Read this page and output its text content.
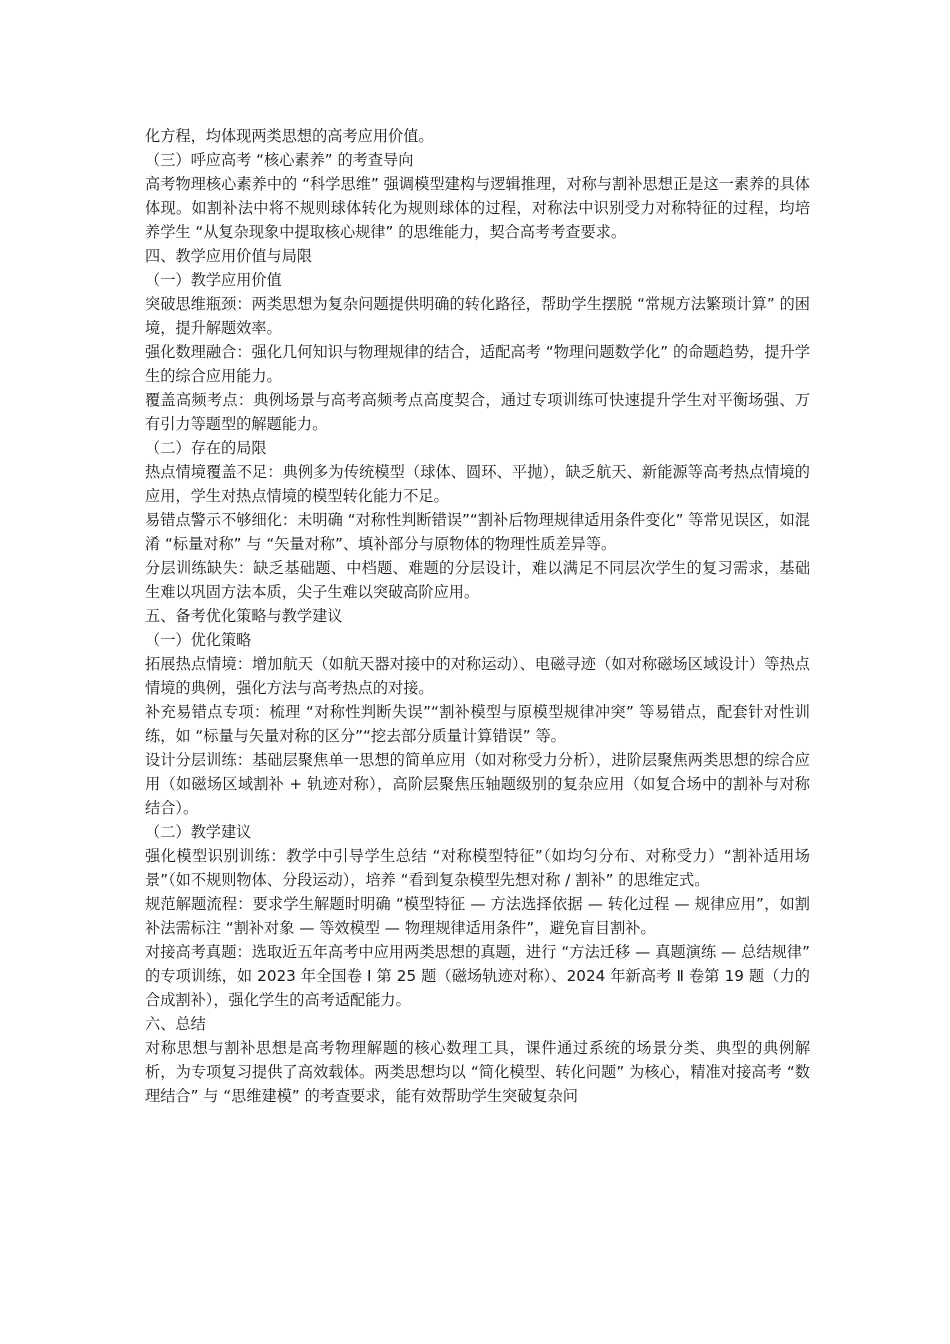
化方程，均体现两类思想的高考应用价值。

（三）呼应高考 “核心素养” 的考查导向

高考物理核心素养中的 “科学思维” 强调模型建构与逻辑推理，对称与割补思想正是这一素养的具体体现。如割补法中将不规则球体转化为规则球体的过程，对称法中识别受力对称特征的过程，均培养学生 “从复杂现象中提取核心规律” 的思维能力，契合高考考查要求。

四、教学应用价值与局限

（一）教学应用价值

突破思维瓶颈：两类思想为复杂问题提供明确的转化路径，帮助学生摆脱 “常规方法繁琐计算” 的困境，提升解题效率。

强化数理融合：强化几何知识与物理规律的结合，适配高考 “物理问题数学化” 的命题趋势，提升学生的综合应用能力。

覆盖高频考点：典例场景与高考高频考点高度契合，通过专项训练可快速提升学生对平衡场强、万有引力等题型的解题能力。

（二）存在的局限

热点情境覆盖不足：典例多为传统模型（球体、圆环、平抛），缺乏航天、新能源等高考热点情境的应用，学生对热点情境的模型转化能力不足。

易错点警示不够细化：未明确 “对称性判断错误”“割补后物理规律适用条件变化” 等常见误区，如混淆 “标量对称” 与 “矢量对称”、填补部分与原物体的物理性质差异等。

分层训练缺失：缺乏基础题、中档题、难题的分层设计，难以满足不同层次学生的复习需求，基础生难以巩固方法本质，尖子生难以突破高阶应用。

五、备考优化策略与教学建议

（一）优化策略

拓展热点情境：增加航天（如航天器对接中的对称运动）、电磁寻迹（如对称磁场区域设计）等热点情境的典例，强化方法与高考热点的对接。

补充易错点专项：梳理 “对称性判断失误”“割补模型与原模型规律冲突” 等易错点，配套针对性训练，如 “标量与矢量对称的区分”“挖去部分质量计算错误” 等。

设计分层训练：基础层聚焦单一思想的简单应用（如对称受力分析），进阶层聚焦两类思想的综合应用（如磁场区域割补 + 轨迹对称），高阶层聚焦压轴题级别的复杂应用（如复合场中的割补与对称结合）。

（二）教学建议

强化模型识别训练：教学中引导学生总结 “对称模型特征”（如均匀分布、对称受力）“割补适用场景”（如不规则物体、分段运动），培养 “看到复杂模型先想对称 / 割补” 的思维定式。

规范解题流程：要求学生解题时明确 “模型特征 — 方法选择依据 — 转化过程 — 规律应用”，如割补法需标注 “割补对象 — 等效模型 — 物理规律适用条件”，避免盲目割补。

对接高考真题：选取近五年高考中应用两类思想的真题，进行 “方法迁移 — 真题演练 — 总结规律” 的专项训练，如 2023 年全国卷 Ⅰ 第 25 题（磁场轨迹对称）、2024 年新高考 Ⅱ 卷第 19 题（力的合成割补），强化学生的高考适配能力。

六、总结

对称思想与割补思想是高考物理解题的核心数理工具，课件通过系统的场景分类、典型的典例解析，为专项复习提供了高效载体。两类思想均以 “简化模型、转化问题” 为核心，精准对接高考 “数理结合” 与 “思维建模” 的考查要求，能有效帮助学生突破复杂问
